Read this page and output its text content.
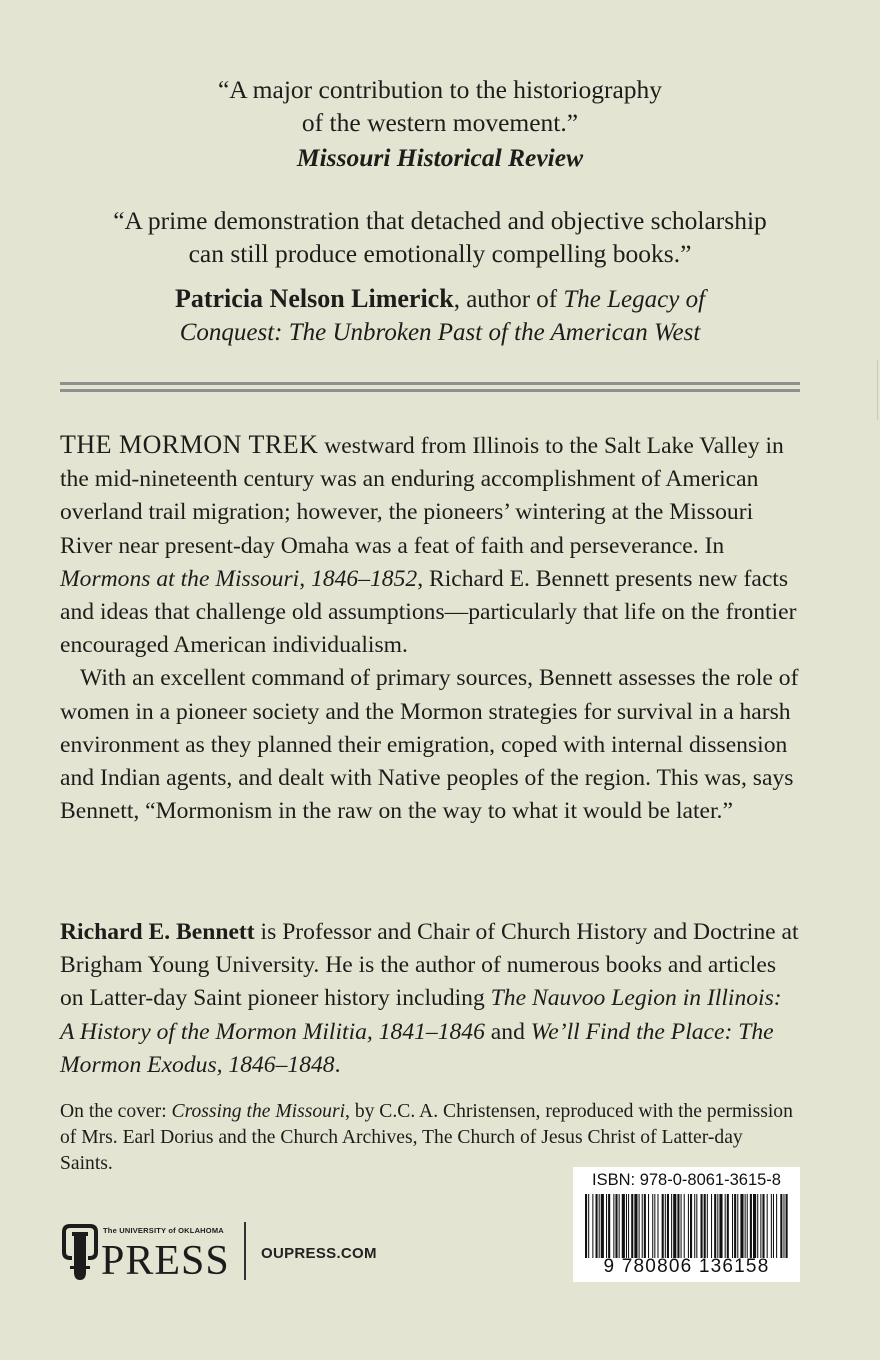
“A major contribution to the historiography
of the western movement.”
Missouri Historical Review
“A prime demonstration that detached and objective scholarship
can still produce emotionally compelling books.”
Patricia Nelson Limerick, author of The Legacy of
Conquest: The Unbroken Past of the American West

THE MORMON TREK westward from Illinois to the Salt Lake Valley in the mid-nineteenth century was an enduring accomplishment of American overland trail migration; however, the pioneers’ wintering at the Missouri River near present-day Omaha was a feat of faith and perseverance. In Mormons at the Missouri, 1846–1852, Richard E. Bennett presents new facts and ideas that challenge old assumptions—particularly that life on the frontier encouraged American individualism.

With an excellent command of primary sources, Bennett assesses the role of women in a pioneer society and the Mormon strategies for survival in a harsh environment as they planned their emigration, coped with internal dissension and Indian agents, and dealt with Native peoples of the region. This was, says Bennett, “Mormonism in the raw on the way to what it would be later.”

Richard E. Bennett is Professor and Chair of Church History and Doctrine at Brigham Young University. He is the author of numerous books and articles on Latter-day Saint pioneer history including The Nauvoo Legion in Illinois: A History of the Mormon Militia, 1841–1846 and We’ll Find the Place: The Mormon Exodus, 1846–1848.

On the cover: Crossing the Missouri, by C.C. A. Christensen, reproduced with the permission of Mrs. Earl Dorius and the Church Archives, The Church of Jesus Christ of Latter-day Saints.
ISBN: 978-0-8061-3615-8
9 780806 136158
The UNIVERSITY of OKLAHOMA
PRESS OUPRESS.COM
